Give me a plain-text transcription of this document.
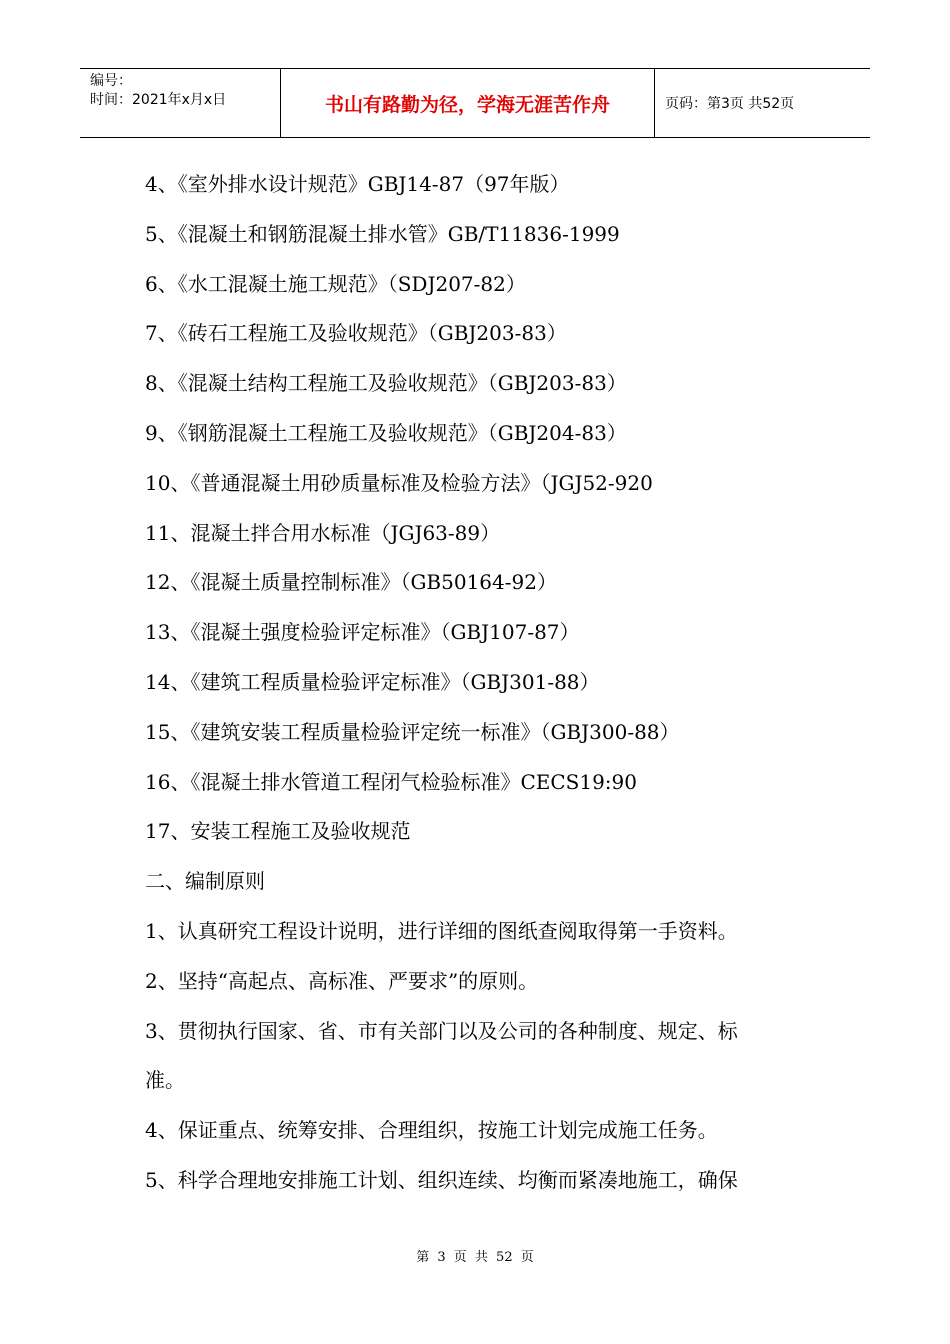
编号：
时间：2021年x月x日	书山有路勤为径，学海无涯苦作舟	页码：第3页 共52页
4、《室外排水设计规范》GBJ14-87（97年版）
5、《混凝土和钢筋混凝土排水管》GB/T11836-1999
6、《水工混凝土施工规范》（SDJ207-82）
7、《砖石工程施工及验收规范》（GBJ203-83）
8、《混凝土结构工程施工及验收规范》（GBJ203-83）
9、《钢筋混凝土工程施工及验收规范》（GBJ204-83）
10、《普通混凝土用砂质量标准及检验方法》（JGJ52-920
11、混凝土拌合用水标准（JGJ63-89）
12、《混凝土质量控制标准》（GB50164-92）
13、《混凝土强度检验评定标准》（GBJ107-87）
14、《建筑工程质量检验评定标准》（GBJ301-88）
15、《建筑安装工程质量检验评定统一标准》（GBJ300-88）
16、《混凝土排水管道工程闭气检验标准》CECS19:90
17、安装工程施工及验收规范
二、编制原则
1、认真研究工程设计说明，进行详细的图纸查阅取得第一手资料。
2、坚持“高起点、高标准、严要求”的原则。
3、贯彻执行国家、省、市有关部门以及公司的各种制度、规定、标
准。
4、保证重点、统筹安排、合理组织，按施工计划完成施工任务。
5、科学合理地安排施工计划、组织连续、均衡而紧凑地施工，确保
第 3 页 共 52 页
